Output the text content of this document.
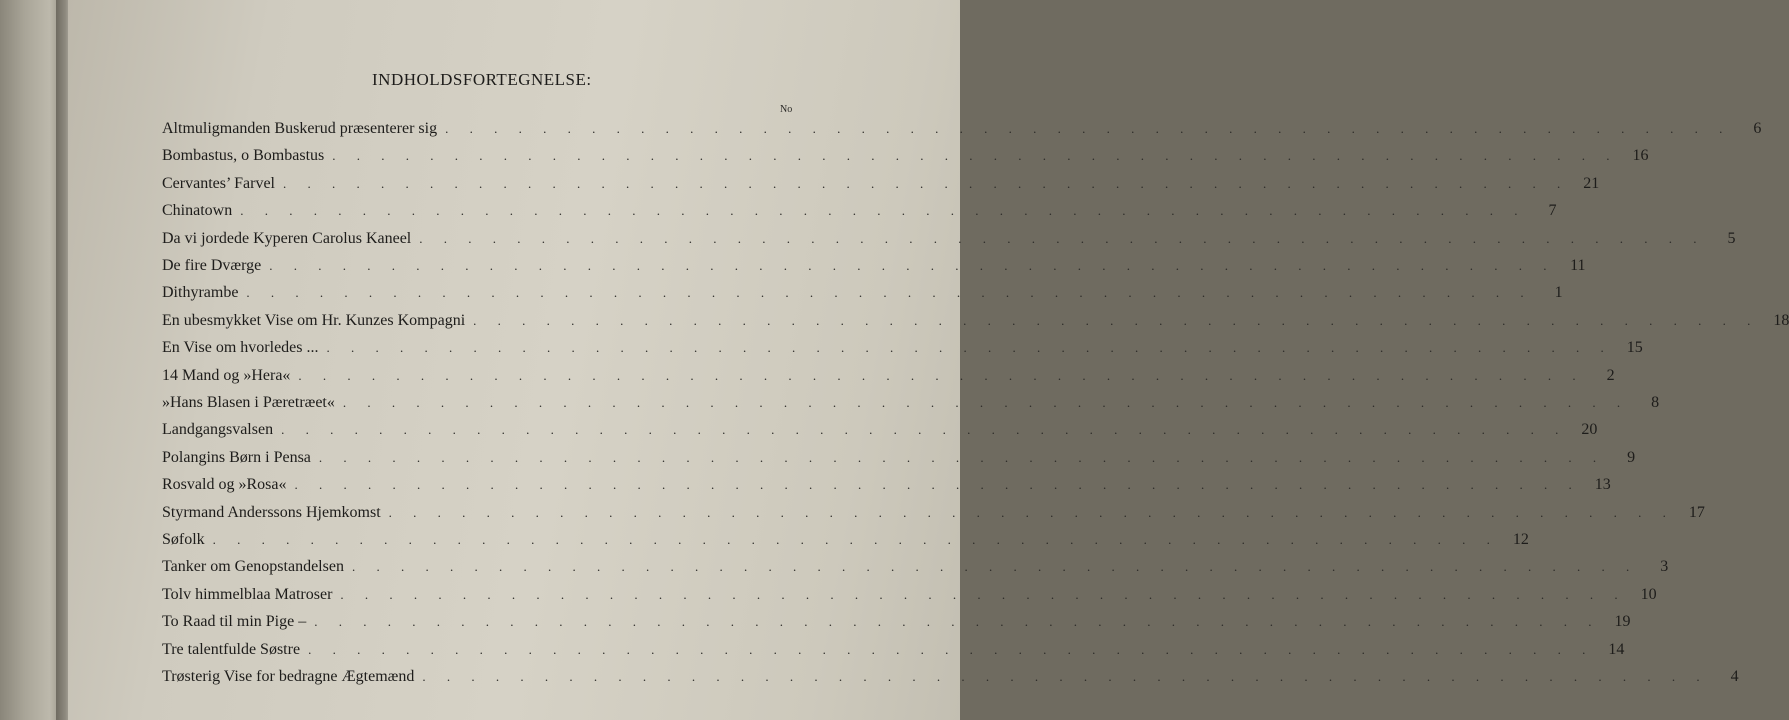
INDHOLDSFORTEGNELSE:
No
Altmuligmanden Buskerud præsenterer sig . . . . . . . . . . . . . . . . . . . . . . . . . . . . . . . . . . . . . . . . . . . . . . . . . . . . .	6
Bombastus, o Bombastus . . . . . . . . . . . . . . . . . . . . . . . . . . . . . . . . . . . . . . . . . . . . . . . . . . . . . 16
Cervantes’ Farvel . . . . . . . . . . . . . . . . . . . . . . . . . . . . . . . . . . . . . . . . . . . . . . . . . . . . . 21
Chinatown . . . . . . . . . . . . . . . . . . . . . . . . . . . . . . . . . . . . . . . . . . . . . . . . . . . . .	7
Da vi jordede Kyperen Carolus Kaneel . . . . . . . . . . . . . . . . . . . . . . . . . . . . . . . . . . . . . . . . . . . . . . . . . . . . .	5
De fire Dværge . . . . . . . . . . . . . . . . . . . . . . . . . . . . . . . . . . . . . . . . . . . . . . . . . . . . . 11
Dithyrambe . . . . . . . . . . . . . . . . . . . . . . . . . . . . . . . . . . . . . . . . . . . . . . . . . . . . .	1
En ubesmykket Vise om Hr. Kunzes Kompagni . . . . . . . . . . . . . . . . . . . . . . . . . . . . . . . . . . . . . . . . . . . . . . . . . . . . . 18
En Vise om hvorledes ... . . . . . . . . . . . . . . . . . . . . . . . . . . . . . . . . . . . . . . . . . . . . . . . . . . . . . 15
14 Mand og »Hera« . . . . . . . . . . . . . . . . . . . . . . . . . . . . . . . . . . . . . . . . . . . . . . . . . . . . .	2
»Hans Blasen i Pæretræet« . . . . . . . . . . . . . . . . . . . . . . . . . . . . . . . . . . . . . . . . . . . . . . . . . . . . .	8
Landgangsvalsen . . . . . . . . . . . . . . . . . . . . . . . . . . . . . . . . . . . . . . . . . . . . . . . . . . . . . 20
Polangins Børn i Pensa . . . . . . . . . . . . . . . . . . . . . . . . . . . . . . . . . . . . . . . . . . . . . . . . . . . . .	9
Rosvald og »Rosa« . . . . . . . . . . . . . . . . . . . . . . . . . . . . . . . . . . . . . . . . . . . . . . . . . . . . . 13
Styrmand Anderssons Hjemkomst . . . . . . . . . . . . . . . . . . . . . . . . . . . . . . . . . . . . . . . . . . . . . . . . . . . . . 17
Søfolk . . . . . . . . . . . . . . . . . . . . . . . . . . . . . . . . . . . . . . . . . . . . . . . . . . . . . 12
Tanker om Genopstandelsen . . . . . . . . . . . . . . . . . . . . . . . . . . . . . . . . . . . . . . . . . . . . . . . . . . . . .	3
Tolv himmelblaa Matroser . . . . . . . . . . . . . . . . . . . . . . . . . . . . . . . . . . . . . . . . . . . . . . . . . . . . . 10
To Raad til min Pige – . . . . . . . . . . . . . . . . . . . . . . . . . . . . . . . . . . . . . . . . . . . . . . . . . . . . . 19
Tre talentfulde Søstre . . . . . . . . . . . . . . . . . . . . . . . . . . . . . . . . . . . . . . . . . . . . . . . . . . . . . 14
Trøsterig Vise for bedragne Ægtemænd . . . . . . . . . . . . . . . . . . . . . . . . . . . . . . . . . . . . . . . . . . . . . . . . . . . . .	4
